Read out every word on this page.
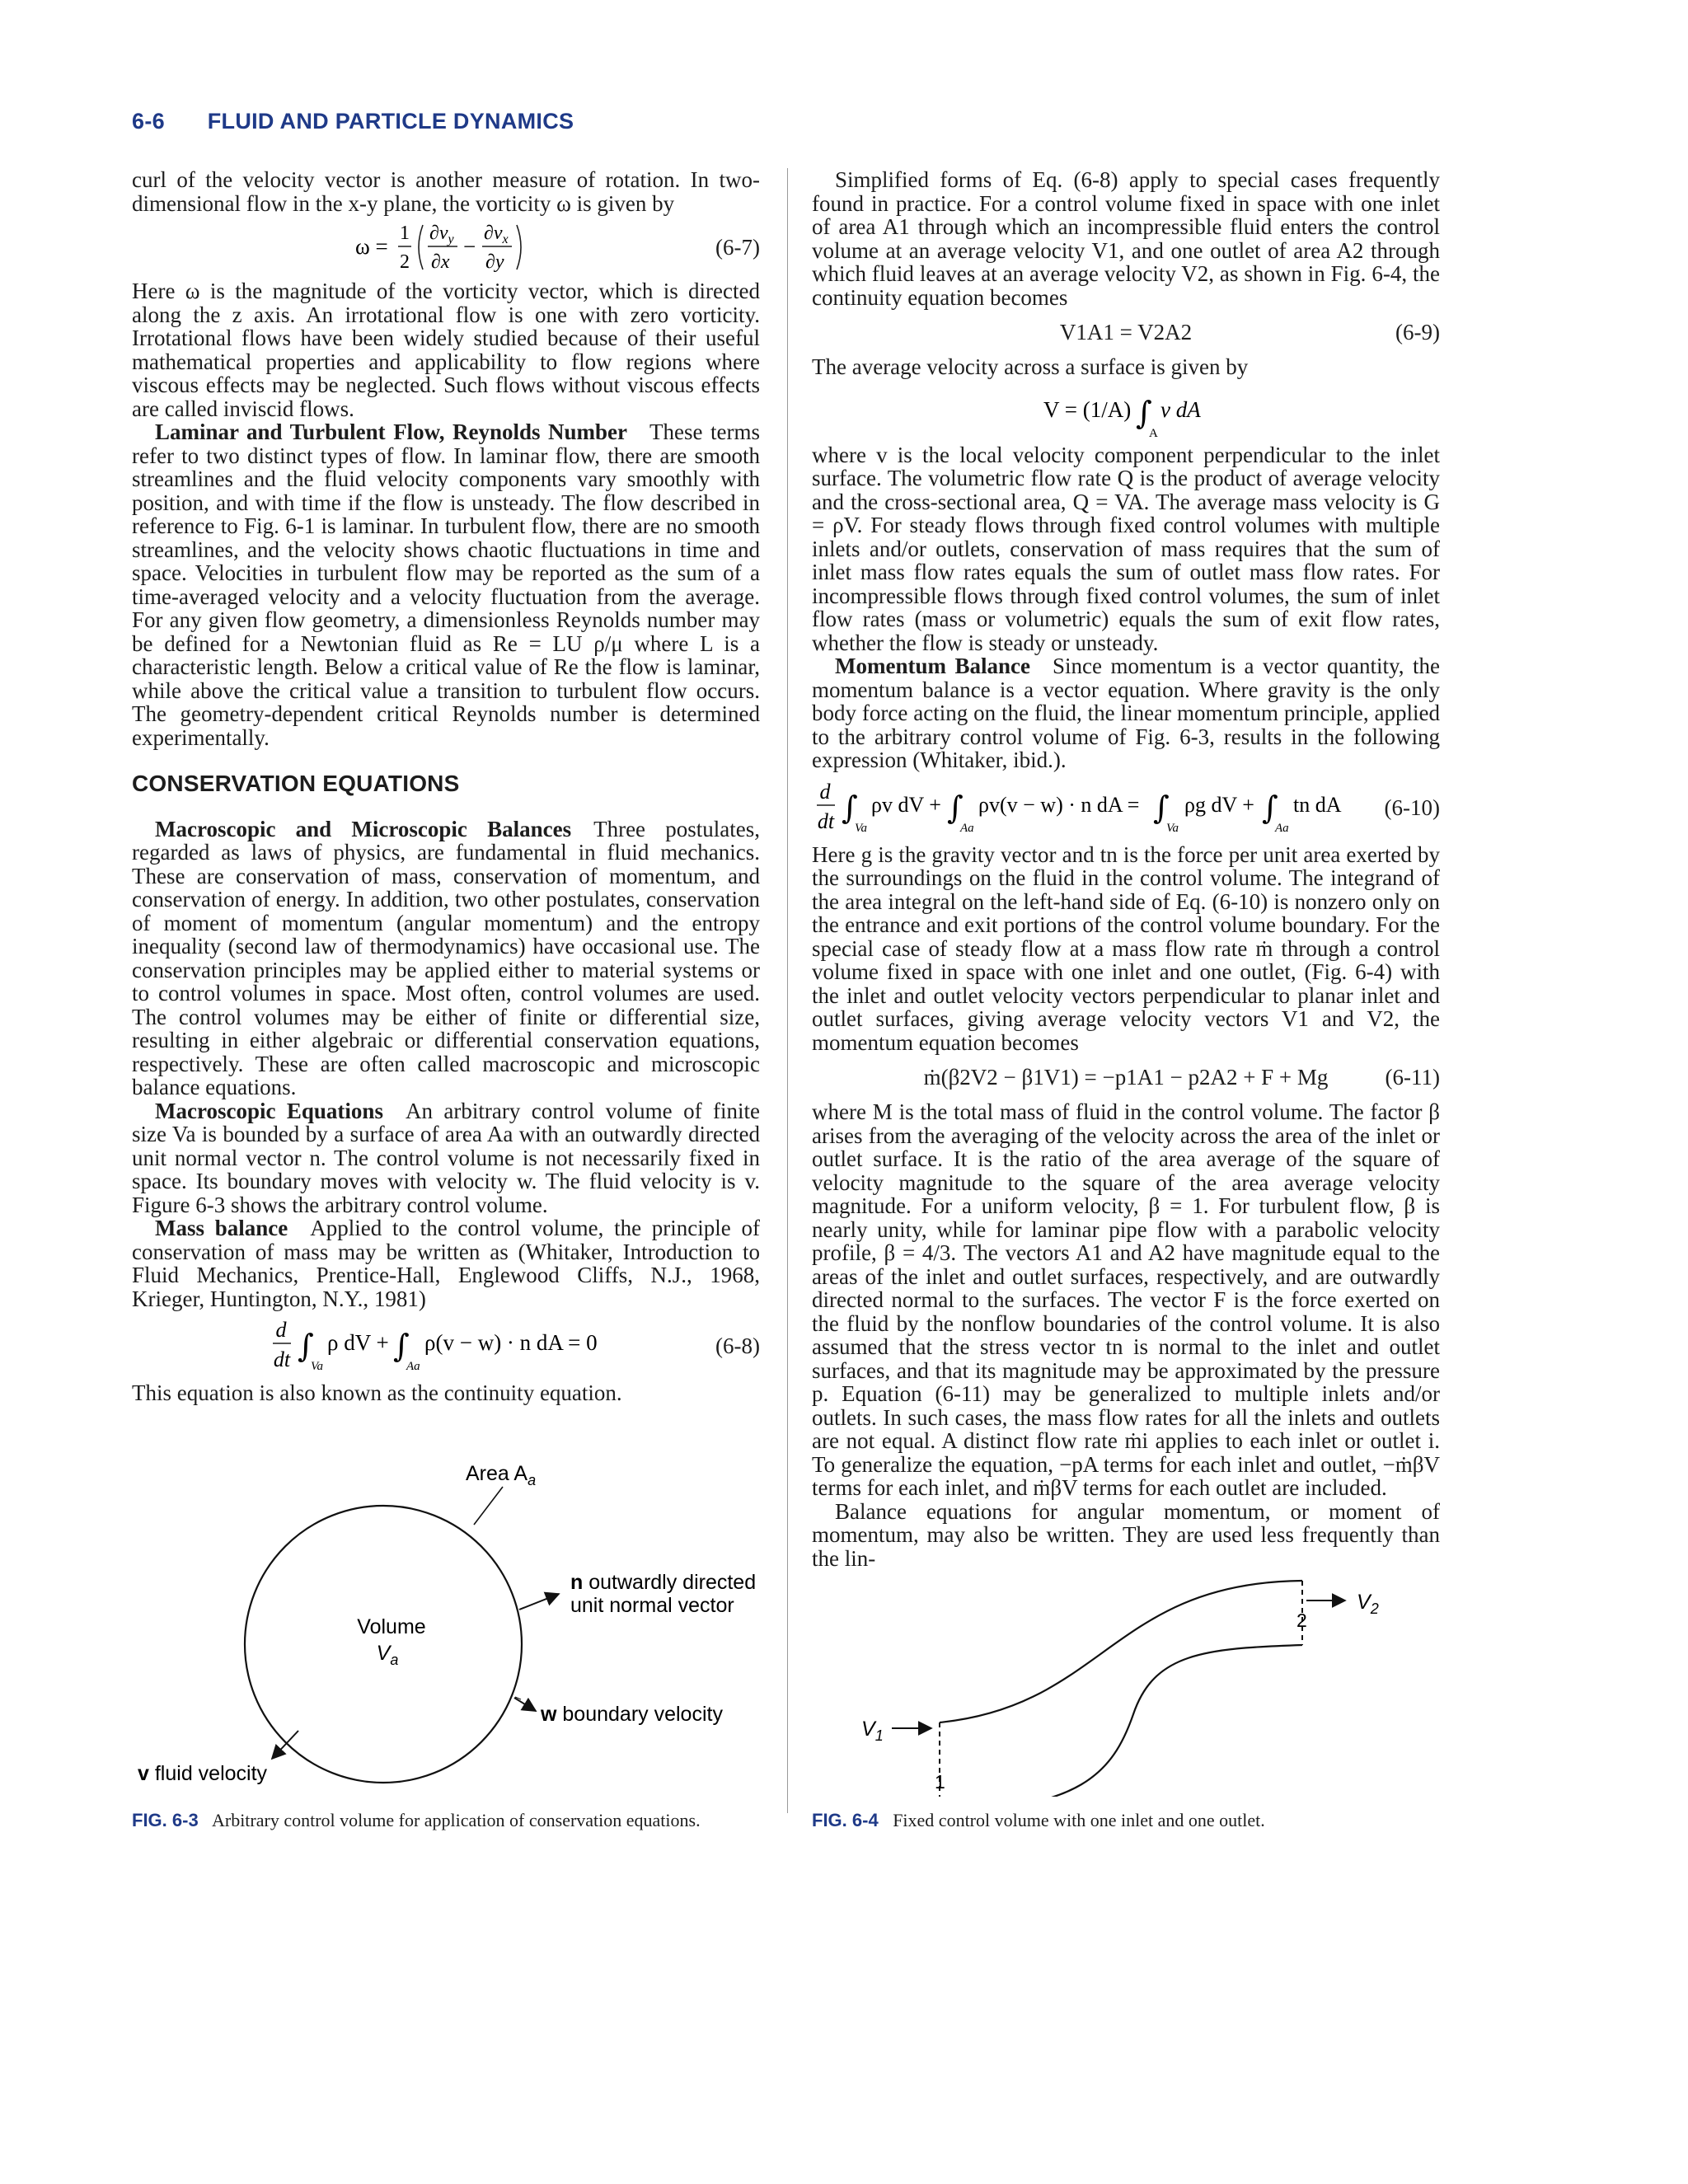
6-6 FLUID AND PARTICLE DYNAMICS

curl of the velocity vector is another measure of rotation. In two-dimensional flow in the x-y plane, the vorticity ω is given by

ω =
1
2
$\partial v_y$
∂x
−
$\partial v_x$
∂y
(6-7)

Here ω is the magnitude of the vorticity vector, which is directed along the z axis. An irrotational flow is one with zero vorticity. Irrotational flows have been widely studied because of their useful mathematical properties and applicability to flow regions where viscous effects may be neglected. Such flows without viscous effects are called inviscid flows.

Laminar and Turbulent Flow, Reynolds Number  These terms refer to two distinct types of flow. In laminar flow, there are smooth streamlines and the fluid velocity components vary smoothly with position, and with time if the flow is unsteady. The flow described in reference to Fig. 6-1 is laminar. In turbulent flow, there are no smooth streamlines, and the velocity shows chaotic fluctuations in time and space. Velocities in turbulent flow may be reported as the sum of a time-averaged velocity and a velocity fluctuation from the average. For any given flow geometry, a dimensionless Reynolds number may be defined for a Newtonian fluid as Re = LU ρ/μ where L is a characteristic length. Below a critical value of Re the flow is laminar, while above the critical value a transition to turbulent flow occurs. The geometry-dependent critical Reynolds number is determined experimentally.

CONSERVATION EQUATIONS

Macroscopic and Microscopic Balances  Three postulates, regarded as laws of physics, are fundamental in fluid mechanics. These are conservation of mass, conservation of momentum, and conservation of energy. In addition, two other postulates, conservation of moment of momentum (angular momentum) and the entropy inequality (second law of thermodynamics) have occasional use. The conservation principles may be applied either to material systems or to control volumes in space. Most often, control volumes are used. The control volumes may be either of finite or differential size, resulting in either algebraic or differential conservation equations, respectively. These are often called macroscopic and microscopic balance equations.

Macroscopic Equations  An arbitrary control volume of finite size Va is bounded by a surface of area Aa with an outwardly directed unit normal vector n. The control volume is not necessarily fixed in space. Its boundary moves with velocity w. The fluid velocity is v. Figure 6-3 shows the arbitrary control volume.

Mass balance  Applied to the control volume, the principle of conservation of mass may be written as (Whitaker, Introduction to Fluid Mechanics, Prentice-Hall, Englewood Cliffs, N.J., 1968, Krieger, Huntington, N.Y., 1981)

d
dt ∫
Va
ρ dV + ∫
Aa
ρ(v − w) · n dA = 0	(6-8)

This equation is also known as the continuity equation.

Simplified forms of Eq. (6-8) apply to special cases frequently found in practice. For a control volume fixed in space with one inlet of area A1 through which an incompressible fluid enters the control volume at an average velocity V1, and one outlet of area A2 through which fluid leaves at an average velocity V2, as shown in Fig. 6-4, the continuity equation becomes

V1A1 = V2A2	(6-9)

The average velocity across a surface is given by

V = (1/A) ∫
A
v dA

where v is the local velocity component perpendicular to the inlet surface. The volumetric flow rate Q is the product of average velocity and the cross-sectional area, Q = VA. The average mass velocity is G = ρV. For steady flows through fixed control volumes with multiple inlets and/or outlets, conservation of mass requires that the sum of inlet mass flow rates equals the sum of outlet mass flow rates. For incompressible flows through fixed control volumes, the sum of inlet flow rates (mass or volumetric) equals the sum of exit flow rates, whether the flow is steady or unsteady.

Momentum Balance  Since momentum is a vector quantity, the momentum balance is a vector equation. Where gravity is the only body force acting on the fluid, the linear momentum principle, applied to the arbitrary control volume of Fig. 6-3, results in the following expression (Whitaker, ibid.).

d
dt ∫
Va
ρv dV + ∫
Aa
ρv(v − w) · n dA = ∫
Va
ρg dV + ∫
Aa
tn dA (6-10)

Here g is the gravity vector and tn is the force per unit area exerted by the surroundings on the fluid in the control volume. The integrand of the area integral on the left-hand side of Eq. (6-10) is nonzero only on the entrance and exit portions of the control volume boundary. For the special case of steady flow at a mass flow rate ṁ through a control volume fixed in space with one inlet and one outlet, (Fig. 6-4) with the inlet and outlet velocity vectors perpendicular to planar inlet and outlet surfaces, giving average velocity vectors V1 and V2, the momentum equation becomes

ṁ(β2V2 − β1V1) = −p1A1 − p2A2 + F + Mg	(6-11)

where M is the total mass of fluid in the control volume. The factor β arises from the averaging of the velocity across the area of the inlet or outlet surface. It is the ratio of the area average of the square of velocity magnitude to the square of the area average velocity magnitude. For a uniform velocity, β = 1. For turbulent flow, β is nearly unity, while for laminar pipe flow with a parabolic velocity profile, β = 4/3. The vectors A1 and A2 have magnitude equal to the areas of the inlet and outlet surfaces, respectively, and are outwardly directed normal to the surfaces. The vector F is the force exerted on the fluid by the nonflow boundaries of the control volume. It is also assumed that the stress vector tn is normal to the inlet and outlet surfaces, and that its magnitude may be approximated by the pressure p. Equation (6-11) may be generalized to multiple inlets and/or outlets. In such cases, the mass flow rates for all the inlets and outlets are not equal. A distinct flow rate ṁi applies to each inlet or outlet i. To generalize the equation, −pA terms for each inlet and outlet, −ṁβV terms for each inlet, and ṁβV terms for each outlet are included.

Balance equations for angular momentum, or moment of momentum, may also be written. They are used less frequently than the lin-

Area $A_a$
Volume
$V_a$
n outwardly directed
unit normal vector
w boundary velocity
v fluid velocity
FIG. 6-3 Arbitrary control volume for application of conservation equations.
$V_1$
1
$V_2$
2
FIG. 6-4 Fixed control volume with one inlet and one outlet.
